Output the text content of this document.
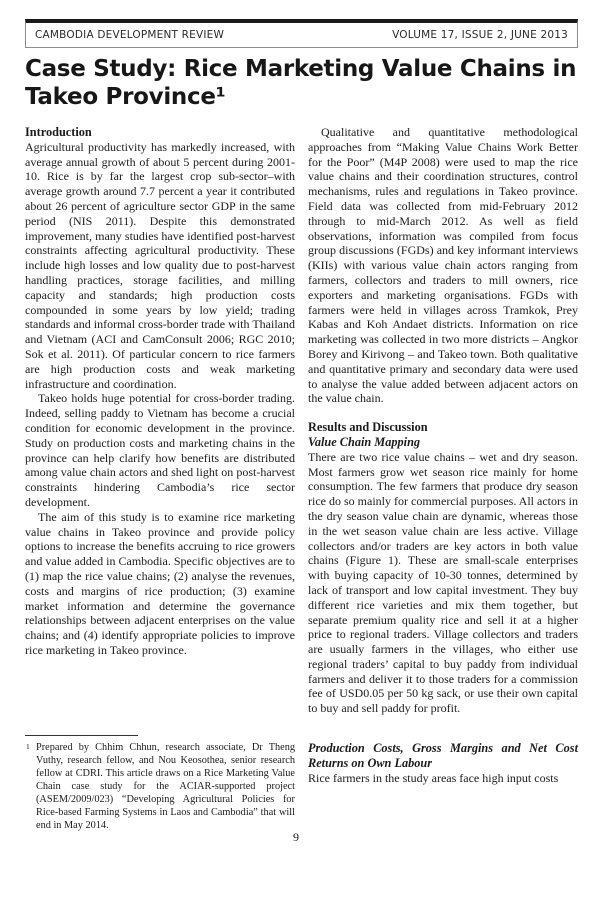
CAMBODIA DEVELOPMENT REVIEW	VOLUME 17, ISSUE 2, JUNE 2013
Case Study: Rice Marketing Value Chains in
Takeo Province¹
Introduction

Agricultural productivity has markedly increased, with average annual growth of about 5 percent during 2001-10. Rice is by far the largest crop sub-sector–with average growth around 7.7 percent a year it contributed about 26 percent of agriculture sector GDP in the same period (NIS 2011). Despite this demonstrated improvement, many studies have identified post-harvest constraints affecting agricultural productivity. These include high losses and low quality due to post-harvest handling practices, storage facilities, and milling capacity and standards; high production costs compounded in some years by low yield; trading standards and informal cross-border trade with Thailand and Vietnam (ACI and CamConsult 2006; RGC 2010; Sok et al. 2011). Of particular concern to rice farmers are high production costs and weak marketing infrastructure and coordination.

Takeo holds huge potential for cross-border trading. Indeed, selling paddy to Vietnam has become a crucial condition for economic development in the province. Study on production costs and marketing chains in the province can help clarify how benefits are distributed among value chain actors and shed light on post-harvest constraints hindering Cambodia’s rice sector development.

The aim of this study is to examine rice marketing value chains in Takeo province and provide policy options to increase the benefits accruing to rice growers and value added in Cambodia. Specific objectives are to (1) map the rice value chains; (2) analyse the revenues, costs and margins of rice production; (3) examine market information and determine the governance relationships between adjacent enterprises on the value chains; and (4) identify appropriate policies to improve rice marketing in Takeo province.

Qualitative and quantitative methodological approaches from “Making Value Chains Work Better for the Poor” (M4P 2008) were used to map the rice value chains and their coordination structures, control mechanisms, rules and regulations in Takeo province. Field data was collected from mid-February 2012 through to mid-March 2012. As well as field observations, information was compiled from focus group discussions (FGDs) and key informant interviews (KIIs) with various value chain actors ranging from farmers, collectors and traders to mill owners, rice exporters and marketing organisations. FGDs with farmers were held in villages across Tramkok, Prey Kabas and Koh Andaet districts. Information on rice marketing was collected in two more districts – Angkor Borey and Kirivong – and Takeo town. Both qualitative and quantitative primary and secondary data were used to analyse the value added between adjacent actors on the value chain.

Results and Discussion
Value Chain Mapping

There are two rice value chains – wet and dry season. Most farmers grow wet season rice mainly for home consumption. The few farmers that produce dry season rice do so mainly for commercial purposes. All actors in the dry season value chain are dynamic, whereas those in the wet season value chain are less active. Village collectors and/or traders are key actors in both value chains (Figure 1). These are small-scale enterprises with buying capacity of 10-30 tonnes, determined by lack of transport and low capital investment. They buy different rice varieties and mix them together, but separate premium quality rice and sell it at a higher price to regional traders. Village collectors and traders are usually farmers in the villages, who either use regional traders’ capital to buy paddy from individual farmers and deliver it to those traders for a commission fee of USD0.05 per 50 kg sack, or use their own capital to buy and sell paddy for profit.

Production Costs, Gross Margins and Net Cost Returns on Own Labour

Rice farmers in the study areas face high input costs

1 Prepared by Chhim Chhun, research associate, Dr Theng Vuthy, research fellow, and Nou Keosothea, senior research fellow at CDRI. This article draws on a Rice Marketing Value Chain case study for the ACIAR-supported project (ASEM/2009/023) “Developing Agricultural Policies for Rice-based Farming Systems in Laos and Cambodia” that will end in May 2014.
9
